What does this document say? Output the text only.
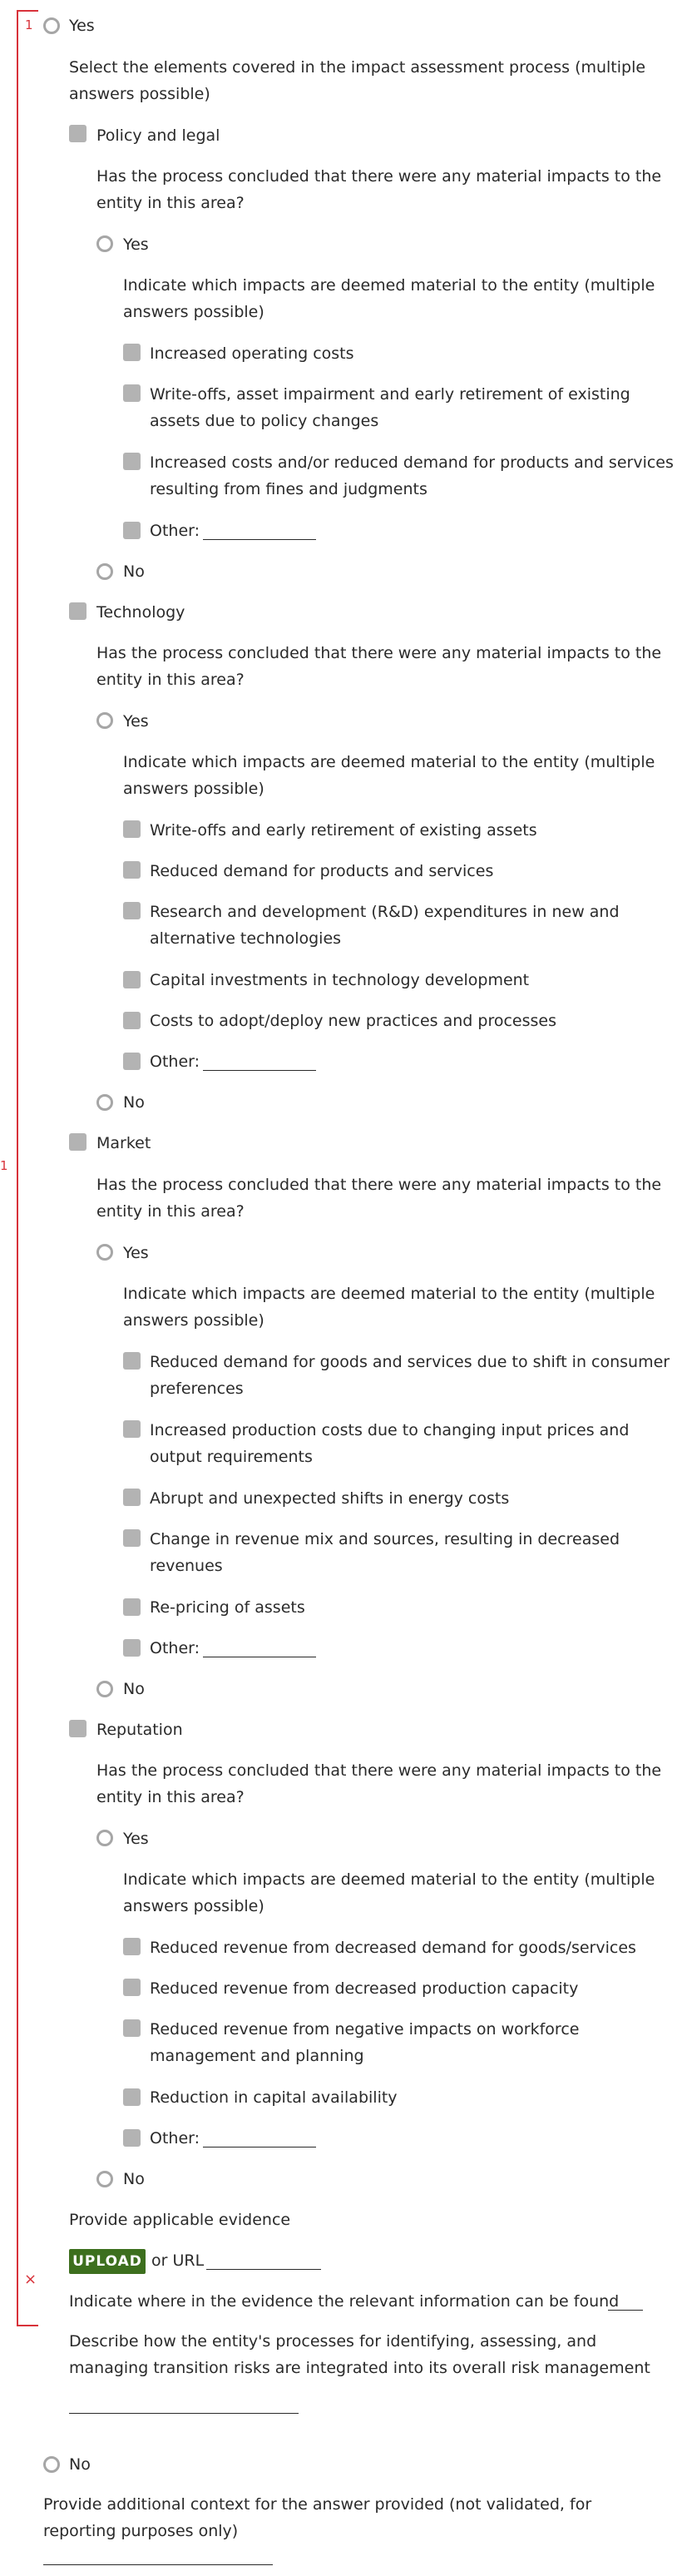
1
1
×
Yes
Select the elements covered in the impact assessment process (multiple answers possible)
Policy and legal
Has the process concluded that there were any material impacts to the entity in this area?
Yes
Indicate which impacts are deemed material to the entity (multiple answers possible)
Increased operating costs
Write-offs, asset impairment and early retirement of existing assets due to policy changes
Increased costs and/or reduced demand for products and services resulting from fines and judgments
Other:
No
Technology
Has the process concluded that there were any material impacts to the entity in this area?
Yes
Indicate which impacts are deemed material to the entity (multiple answers possible)
Write-offs and early retirement of existing assets
Reduced demand for products and services
Research and development (R&D) expenditures in new and alternative technologies
Capital investments in technology development
Costs to adopt/deploy new practices and processes
Other:
No
Market
Has the process concluded that there were any material impacts to the entity in this area?
Yes
Indicate which impacts are deemed material to the entity (multiple answers possible)
Reduced demand for goods and services due to shift in consumer preferences
Increased production costs due to changing input prices and output requirements
Abrupt and unexpected shifts in energy costs
Change in revenue mix and sources, resulting in decreased revenues
Re-pricing of assets
Other:
No
Reputation
Has the process concluded that there were any material impacts to the entity in this area?
Yes
Indicate which impacts are deemed material to the entity (multiple answers possible)
Reduced revenue from decreased demand for goods/services
Reduced revenue from decreased production capacity
Reduced revenue from negative impacts on workforce management and planning
Reduction in capital availability
Other:
No
Provide applicable evidence
UPLOAD or URL
Indicate where in the evidence the relevant information can be found
Describe how the entity's processes for identifying, assessing, and managing transition risks are integrated into its overall risk management
No
Provide additional context for the answer provided (not validated, for reporting purposes only)
